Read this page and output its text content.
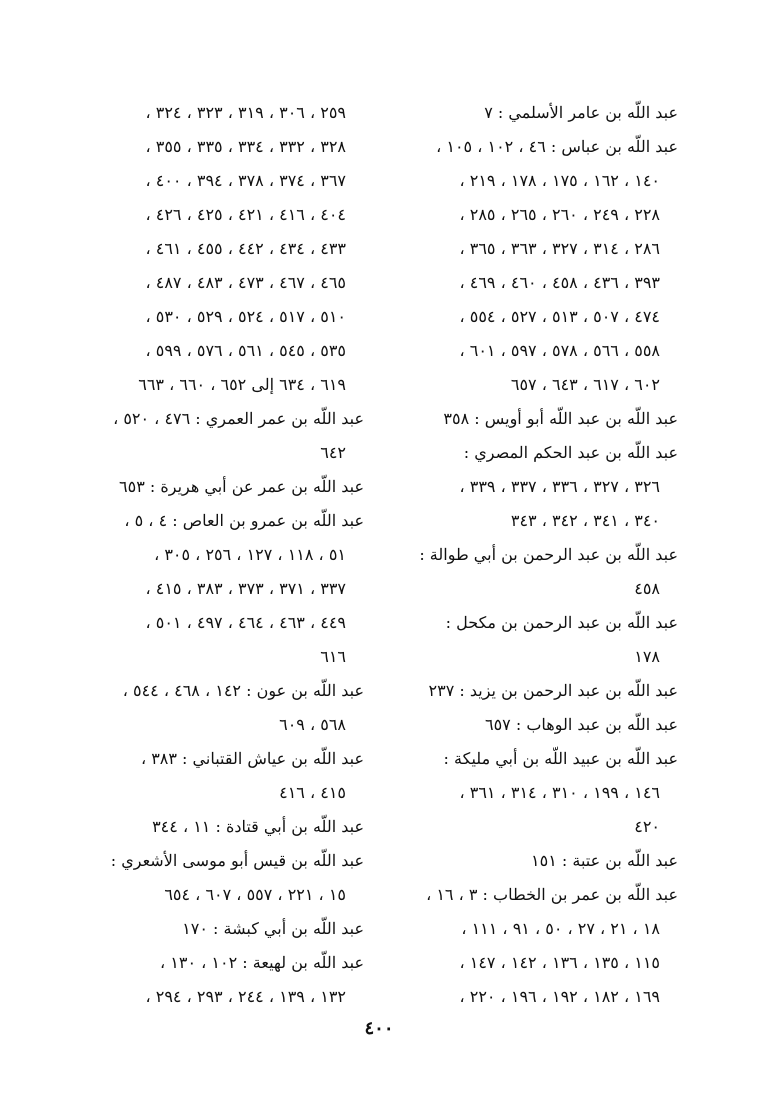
عبد اللّه بن عامر الأسلمي : ٧
عبد اللّه بن عباس : ٤٦ ، ١٠٢ ، ١٠٥ ،
١٤٠ ، ١٦٢ ، ١٧٥ ، ١٧٨ ، ٢١٩ ،
٢٢٨ ، ٢٤٩ ، ٢٦٠ ، ٢٦٥ ، ٢٨٥ ،
٢٨٦ ، ٣١٤ ، ٣٢٧ ، ٣٦٣ ، ٣٦٥ ،
٣٩٣ ، ٤٣٦ ، ٤٥٨ ، ٤٦٠ ، ٤٦٩ ،
٤٧٤ ، ٥٠٧ ، ٥١٣ ، ٥٢٧ ، ٥٥٤ ،
٥٥٨ ، ٥٦٦ ، ٥٧٨ ، ٥٩٧ ، ٦٠١ ،
٦٠٢ ، ٦١٧ ، ٦٤٣ ، ٦٥٧
عبد اللّه بن عبد اللّه أبو أويس : ٣٥٨
عبد اللّه بن عبد الحكم المصري :
٣٢٦ ، ٣٢٧ ، ٣٣٦ ، ٣٣٧ ، ٣٣٩ ،
٣٤٠ ، ٣٤١ ، ٣٤٢ ، ٣٤٣
عبد اللّه بن عبد الرحمن بن أبي طوالة :
٤٥٨
عبد اللّه بن عبد الرحمن بن مكحل :
١٧٨
عبد اللّه بن عبد الرحمن بن يزيد : ٢٣٧
عبد اللّه بن عبد الوهاب : ٦٥٧
عبد اللّه بن عبيد اللّه بن أبي مليكة :
١٤٦ ، ١٩٩ ، ٣١٠ ، ٣١٤ ، ٣٦١ ،
٤٢٠
عبد اللّه بن عتبة : ١٥١
عبد اللّه بن عمر بن الخطاب : ٣ ، ١٦ ،
١٨ ، ٢١ ، ٢٧ ، ٥٠ ، ٩١ ، ١١١ ،
١١٥ ، ١٣٥ ، ١٣٦ ، ١٤٢ ، ١٤٧ ،
١٦٩ ، ١٨٢ ، ١٩٢ ، ١٩٦ ، ٢٢٠ ،
٢٥٩ ، ٣٠٦ ، ٣١٩ ، ٣٢٣ ، ٣٢٤ ،
٣٢٨ ، ٣٣٢ ، ٣٣٤ ، ٣٣٥ ، ٣٥٥ ،
٣٦٧ ، ٣٧٤ ، ٣٧٨ ، ٣٩٤ ، ٤٠٠ ،
٤٠٤ ، ٤١٦ ، ٤٢١ ، ٤٢٥ ، ٤٢٦ ،
٤٣٣ ، ٤٣٤ ، ٤٤٢ ، ٤٥٥ ، ٤٦١ ،
٤٦٥ ، ٤٦٧ ، ٤٧٣ ، ٤٨٣ ، ٤٨٧ ،
٥١٠ ، ٥١٧ ، ٥٢٤ ، ٥٢٩ ، ٥٣٠ ،
٥٣٥ ، ٥٤٥ ، ٥٦١ ، ٥٧٦ ، ٥٩٩ ،
٦١٩ ، ٦٣٤ إلى ٦٥٢ ، ٦٦٠ ، ٦٦٣
عبد اللّه بن عمر العمري : ٤٧٦ ، ٥٢٠ ،
٦٤٢
عبد اللّه بن عمر عن أبي هريرة : ٦٥٣
عبد اللّه بن عمرو بن العاص : ٤ ، ٥ ،
٥١ ، ١١٨ ، ١٢٧ ، ٢٥٦ ، ٣٠٥ ،
٣٣٧ ، ٣٧١ ، ٣٧٣ ، ٣٨٣ ، ٤١٥ ،
٤٤٩ ، ٤٦٣ ، ٤٦٤ ، ٤٩٧ ، ٥٠١ ،
٦١٦
عبد اللّه بن عون : ١٤٢ ، ٤٦٨ ، ٥٤٤ ،
٥٦٨ ، ٦٠٩
عبد اللّه بن عياش القتباني : ٣٨٣ ،
٤١٥ ، ٤١٦
عبد اللّه بن أبي قتادة : ١١ ، ٣٤٤
عبد اللّه بن قيس أبو موسى الأشعري :
١٥ ، ٢٢١ ، ٥٥٧ ، ٦٠٧ ، ٦٥٤
عبد اللّه بن أبي كبشة : ١٧٠
عبد اللّه بن لهيعة : ١٠٢ ، ١٣٠ ،
١٣٢ ، ١٣٩ ، ٢٤٤ ، ٢٩٣ ، ٢٩٤ ،
٤٠٠
